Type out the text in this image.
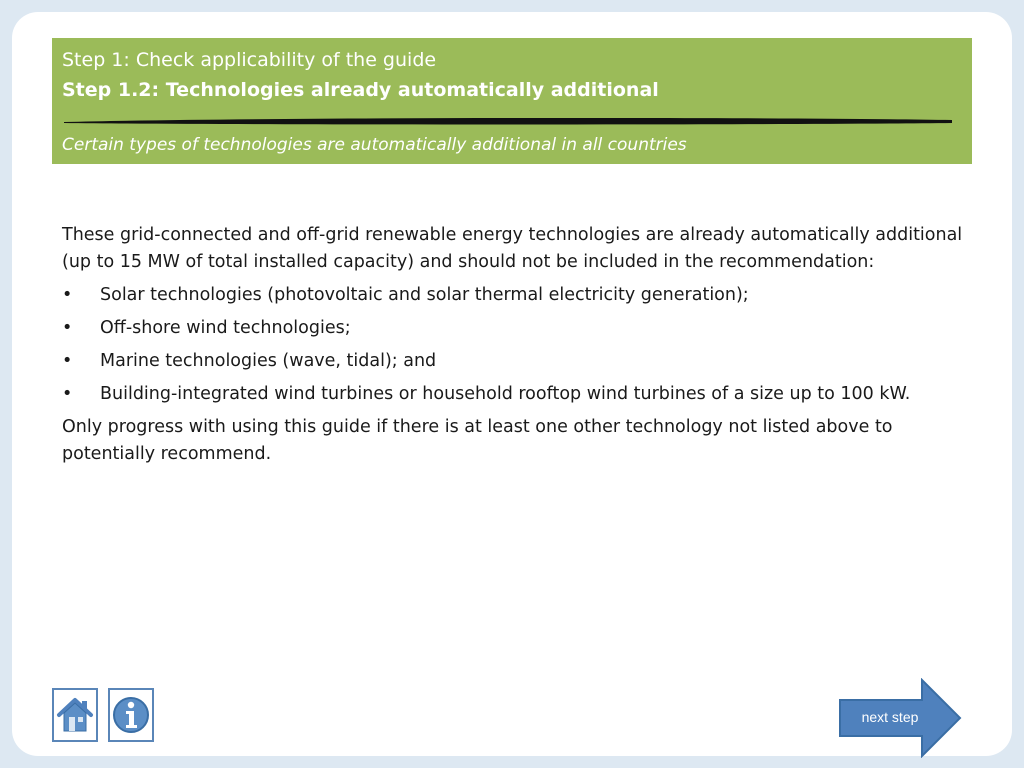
Step 1: Check applicability of the guide
Step 1.2: Technologies already automatically additional
Certain types of technologies are automatically additional in all countries

These grid-connected and off-grid renewable energy technologies are already automatically additional (up to 15 MW of total installed capacity) and should not be included in the recommendation:

• Solar technologies (photovoltaic and solar thermal electricity generation);
• Off-shore wind technologies;
• Marine technologies (wave, tidal); and
• Building-integrated wind turbines or household rooftop wind turbines of a size up to 100 kW.

Only progress with using this guide if there is at least one other technology not listed above to potentially recommend.

next step
